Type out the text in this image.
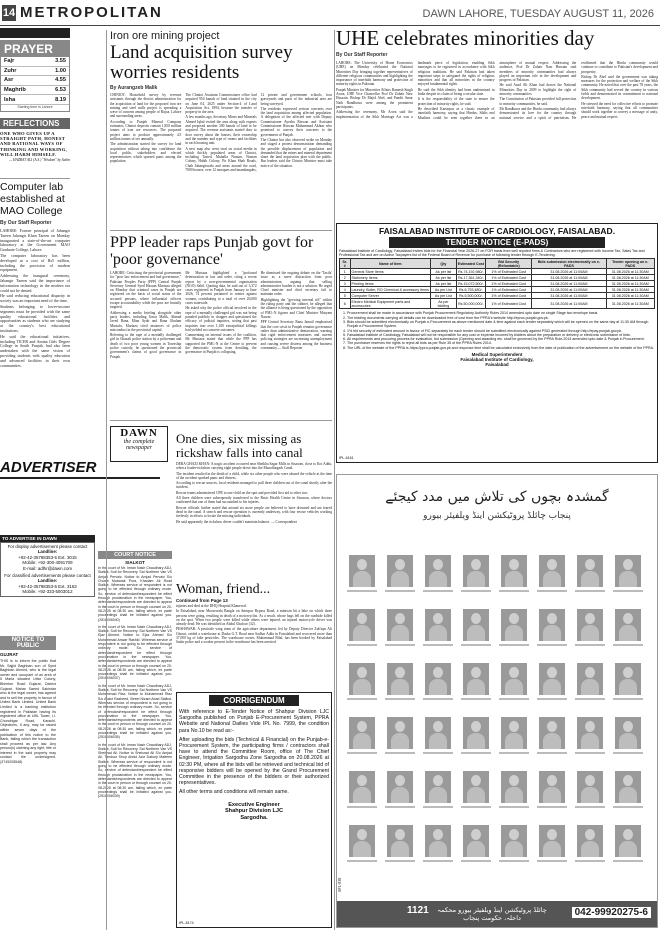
14 METROPOLITAN	DAWN LAHORE, TUESDAY AUGUST 11, 2026
PRAYER
Fajr	3.55
Zuhr	1.00
Asr	4.55
Maghrib	6.53
Isha	8.19
Starting time in Lahore
REFLECTIONS
ONE WHO GIVES UP A STRAIGHT PATH, HONEST AND RATIONAL WAYS OF THINKING AND WORKING, WILL HARM HIMSELF.
— HAZRAT ALI (A.S.) "Wisdom" by Salim
Computer lab established at MAO College
By Our Staff Reporter

LAHORE: Former principal of Jahangir Tareen Jahangir Khan Tareen on Monday inaugurated a state-of-the-art computer laboratory at the Government MAO Graduate College, Lahore.

The computer laboratory has been developed at a cost of Rs5 million, including the provision of modern equipment.

Addressing the inaugural ceremony, Jahangir Tareen said the importance of information technology in the modern era could not be denied.

He said reducing educational disparity in society was an important need of the time.

Students belonging to lower-income segments must be provided with the same quality educational facilities and opportunities as students who are studying at the country's best educational institutions.

He said the educational initiatives, including TICER and Amina Girls Degree College in South Punjab, had also been undertaken with the same vision of providing students with quality education and advanced facilities in their own communities.

Iron ore mining project
Land acquisition survey worries residents
By Aurangzeb Malik

CHINIOT: Household survey by revenue assistants through the district administration for the acquisition of land for the proposed iron ore mining and steel mills project is spreading a wave of concern among people of Rajoa, Lahore and surrounding areas.

According to Punjab Mineral Company estimates, Chiniot deposits contain 1,850 million tonnes of iron ore resources. The proposed project aims to produce approximately 4.5 million tonnes of ore annually.

The administration started the survey for land acquisition without taking into confidence the local public, stakeholders and elected representatives which spurred panic among the population.

The Chiniot Assistant Commissioner office had acquired 954 kanals of land situated in the city on June 04, 2025 under Section-4 of Land Acquisition Act, 1894, because the transfer of property in the area.

A few months ago, Secretary Mines and Minerals Ahmed Iqbal visited the area along with experts and proposed another 300 kanals of land to be acquired. The revenue assistants started door to door survey about the houses, their ownership and the number and type of rooms and facilities in each housing unit.

A new map also went viral on social media in which thickly populated areas of Chiniot, including Tasted, Muhalla Noman, Noman Colony, Habib Colony, Pir Khan Shah Roads, Chah Jahangirwala and areas around the road, 7000 houses; over 12 mosques and imambargahs, 12 private and government schools, four graveyards and parts of the industrial area are being surveyed.

The residents expressed serious concerns over the land acquisition among affected population. A delegation of the affected met with Deputy Commissioner Ayesha Rizwan and Assistant Commissioner Rizwan Muhammad Akhtar who promised to convey their concerns to the government of Punjab.

The Chiniot bar also observed strike on Monday and staged a protest demonstration demanding the possible displacement of population and demanded that the mines and mineral department share the land acquisition plan with the public. Bar leaders said the Chiniot Minister must take notice of the situation.

UHE celebrates minorities day
By Our Staff Reporter

LAHORE: The University of Home Economics (UHE) on Monday celebrated the National Minorities Day bringing together representatives of different religious communities and highlighting the importance of interfaith harmony and protection of minority rights in Pakistan.

Punjab Minister for Minorities Affairs Ramesh Singh Arora, UHE Vice Chancellor Prof Dr Zubair Nasr Hussain, Bishop Dr Majid Abel, and Pandit Amar Nath Randhawa were among the prominent participants.

Addressing the ceremony, Mr Arora said the implementation of the Sikh Marriage Act was a landmark piece of legislation, enabling Sikh marriages to be registered in accordance with Sikh religious traditions. He said Pakistan had taken important steps to safeguard the rights of religious minorities and that all minorities in the country enjoyed fundamental rights.

He said the Sikh identity had been undermined in India despite its claim of being a secular state.

It is the responsibility of the state to ensure the protection of minority rights, he said.

He described Kartarpur as a classic example of interfaith harmony, saying that Hindus, Sikhs and Muslims could be seen together there in an atmosphere of mutual respect. Addressing the audience, Prof Dr Zubair Nasr Hussain said members of minority communities had always played an important role in the development and progress of Pakistan.

He said Azad Ali Khan had drawn the National Minorities Day in 2009 to highlight the right of minority communities.

The Constitution of Pakistan provided full protection to minority communities, he said.

Mr Randhawa and the Hindu community had always demonstrated its love for the country through national service and a spirit of patriotism. He reaffirmed that the Hindu community would continue to contribute to Pakistan's development and prosperity.

Bishop Dr Abel said the government was taking measures for the protection and welfare of the Sikh community. He noted that over the past 78 years, the Sikh community had served the country in various fields and demonstrated its commitment to national development.

He stressed the need for collective efforts to promote interfaith harmony, saying that all communities should work together to convey a message of unity, peace and mutual respect.

FAISALABAD INSTITUTE OF CARDIOLOGY, FAISALABAD.
TENDER NOTICE (E-PADS)
Faisalabad Institute of Cardiology, Faisalabad invites bids for the Financial Year 2026-27 on FOR basis from well reputed firms & Contractors who are registered with Income Tax, Sales Tax and Professional Tax and are on Active Taxpayers list of the Federal Board of Revenue for purchase of following tender through E-Tendering.
Sr. #	Name of Item	Qty	Estimated Cost	Bid Security (Refundable)	Bids submission electronically on e-PADS	Tender opening on e-PADS
1	General Store Items	As per list	Rs.74,192,980/-	1% of Estimated Cost	31.08.2026 at 11:00AM	31.08.2026 at 11:30AM
2	Stationery Items	As per list	Rs.17,361,340/-	1% of Estimated Cost	31.08.2026 at 11:00AM	31.08.2026 at 11:30AM
3	Printing Items	As per list	Rs.15,072,500/-	1% of Estimated Cost	31.08.2026 at 11:00AM	31.08.2026 at 11:30AM
4	Laundry, Boiler, RO Chemical & accessory Items	As per List	Rs.6,753,480/-	1% of Estimated Cost	31.08.2026 at 11:00AM	31.08.2026 at 11:30AM
5	Computer Server	As per List	Rs.5,500,000/-	1% of Estimated Cost	31.08.2026 at 11:00AM	31.08.2026 at 11:30AM
6	Electro Medical Equipment parts and accessories	As per bidding	Rs.50,000,000/-	1% of Estimated Cost	31.08.2026 at 11:00AM	31.08.2026 at 11:30AM
1. Procurement shall be made in accordance with Punjab Procurement Regulatory Authority Rules 2014 amended upto date on single Stage two envelope basis.
2. The bidding documents carrying all details can be downloaded free of cost from the PPRA's website http://eproc.punjab.gov.pk.
3. Bids should be submitted electronically on Punjab e-Procurement as above mentioned date & time against each tender separately which will be opened on the same day at 11:30 AM through Punjab e-Procurement System.
4. 1% bid security of estimated amount in favour of FIC separately for each tender should be submitted electronically against PSID generated through http://epay.punjab.gov.pk.
5. Faisalabad Institute of Cardiology, Faisalabad will not be responsible for any cost or expense incurred by bidders about the preparation or delivery or electronic submission of bids.
6. All requirements and procuring process for evaluation, bid submission (Opening and awarding etc. shall be governed by the PPRA Rule-2014 amended upto date & Punjab e-Procurement.
7. The purchaser reserves the rights to reject all bids as per Rule 35 of the PPRA Rules 2014.
8. The URL of the website of the PPRA is https://ppra.punjab.gov.pk and response time shall be calculated exclusively from the date of publication of the advertisement on the website of the PPRA.
Medical Superintendent
Faisalabad Institute of Cardiology,
Faisalabad
IPL-6161
PPP leader raps Punjab govt for 'poor governance'

LAHORE: Criticising the provincial government for "poor law enforcement and bad governance," Pakistan Peoples Party (PPP) Central Punjab Secretary General Syed Hassan Murtaza alleged on Monday that criminal cases in Punjab are registered on the basis of social status of the accused persons, where influential officers escape accountability while the poor are brutally targeted.

Addressing a media briefing alongside other party leaders, including Umar Malik, Ahmad Javed Rana, Mian Ayub and Rana Ghulam Mustafa, Murtaza cited instances of police misconduct in the provincial capital.

Referring to the rape of a mentally challenged girl in Ghazali police station by a policeman and death of two poor young women in Township police custody, he questioned the provincial government's claims of good governance in Punjab.

Mr Murtaza highlighted a "profound deterioration in law and order, citing a recent report by a non-governmental organisation (NGO) Sahil. Quoting data, he said out of 3,372 cases registered in Punjab from January to June 2026, 74 percent pertained to crimes against women, contributing to a total of over 20,000 cases statewide.

He asked why the police official involved in the rape of a mentally challenged girl was not being paraded publicly in chapper and questioned the efficacy of judicial inquiries, noting that past inquiries into over 1,100 extrajudicial killings had yielded no concrete outcomes.

Commenting on internal issues of the coalition, Mr Murtaza stated that while the PPP has supported the PML-N at the Centre to prevent the democratic system from derailing, the governance in Punjab is collapsing.

He dismissed the ongoing debate on the 'Taxila' issue as a mere distraction from poor administration, arguing that selling administrative burden is not a solution. He urged Chief minister and chief secretary fail to maintain order.

Highlighting the "growing internal rift" within the ruling party and the cabinet, he alleged that the alliance is being questioned by the opposition of PML-N figures and Chief Minister Maryam Nawaz.

PPP Central Secretary Rana Jamail emphasised that the core crisis in Punjab remains governance rather than administrative demarcation, warning that rigid enforcement measures and current policing strategies are increasing unemployment and causing severe distress among the business community.— Staff Reporter

DAWN
the complete
newspaper
ADVERTISER
TO ADVERTISE IN DAWN
For display advertisement please contact
Landline:
+92-42-35788353-5 Ext. 3015
Mobile: +92-300-4091709
E-mail: adlhr@dawn.com
For classified advertisements please contact
Landline:
+92-42-35788353-5 Ext. 3163
Mobile: +92-333-5003012
NOTICE TO PUBLIC
GUJRAT
THIS is to inform the public that Mr. Sajjid Baghban son of Syed Baghban Ahmed, who is the legal owner and occupant of an area of 5 Marla situated Uttar Colony, Bhimber Road Gujarat, District Gujarat. Mahar Saeed Sakindar who is the legal owner, has agreed and to sell the property in favour of United Bank Limited. United Bank Limited is a banking institution registered in Pakistan having its registered office at UBL Tower, I.I. Chundrigar Road, Karachi. Objections, if any, may be raised within seven days of the publication of this notice to the Bank, failing which the transaction shall proceed as per law. Any person(s) claiming any right, title or interest in the said property may contact the undersigned. (3745205548)
COURT NOTICE
SIALKOT

In the court of Mr. Imran Nasir Chaudhary ADJ, Sialkot, Suit for Recovery. Sai Northern Van VS Amjad Pervaiz. Notice to Amjad Pervaiz S/o Chowk Mubarak Pura, Khadam Ali Road Sialkot. Whereas service of respondent is not going to be effected through ordinary mode. So, service of defendant/respondent be effect through proclamation in the newspaper. You, defendants/respondents are directed to appear in the court in person or through counsel on 20-08-2026 at 08:30 am, failing which, ex parte proceedings shall be initiated against you. (2516006040)

In the court of Mr. Imran Nasir Chaudhary ADJ, Sialkot, Suit for Recovery. Sai Northern Van VS Ejaz Ahmed. Notice to Ejaz Ahmed S/o Muhammad Anwar Rashid. Whereas service of respondent is not going to be effected through ordinary mode. So, service of defendant/respondent be effect through proclamation in the newspaper. You, defendants/respondents are directed to appear in the court in person or through counsel on 20-08-2026 at 08:30 am, failing which, ex parte proceedings shall be initiated against you. (2516006037)

In the court of Mr. Imran Nasir Chaudhary ADJ, Sialkot, Suit for Recovery. Sai Northern Van VS Muhammad Riaz. Notice to Muhammad Riaz S/o Abdul Rasheed, Street Nizam Abad Sialkot. Whereas service of respondent is not going to be effected through ordinary mode. So, service of defendant/respondent be effect through proclamation in the newspaper. You, defendants/respondents are directed to appear in the court in person or through counsel on 20-08-2026 at 08:30 am, failing which, ex parte proceedings shall be initiated against you. (2516006035)

In the court of Mr. Imran Nasir Chaudhary ADJ, Sialkot, Suit for Recovery. Sai Northern Van VS Shehzad Ali. Notice to Shehzad Ali S/o Amjad Ali, Tandoor Shop Abdul Aziz Daburji Matteen Sialkot. Whereas service of respondent is not going to be effected through ordinary mode. So, service of defendant/respondent be effect through proclamation in the newspaper. You, defendants/respondents are directed to appear in the court in person or through counsel on 20-08-2026 at 08:30 am, failing which, ex parte proceedings shall be initiated against you. (2516006039)

One dies, six missing as rickshaw falls into canal

DERA GHAZI KHAN: A tragic accident occurred near Sheikha Sagar Mills in Sisawan, close to Kot Addu, when a loader-rickshaw carrying eight people drove into the Muzaffargarh Canal.

The incident resulted in the death of a child, while six other people who were aboard the vehicle at the time of the accident sparked panic and distress.

According to rescue sources, local residents managed to pull three children out of the canal shortly after the incident.

Rescue teams administered CPR to one child on the spot and provided first aid to other two.

All three children were subsequently transferred to the Basic Health Centre in Sisawan, where doctors confirmed that one of them had succumbed to his injuries.

Rescue officials further stated that around six more people are believed to have drowned and are feared dead in the canal. A search and rescue operation is currently underway, with four rescue vehicles working tirelessly in efforts to locate the missing individuals.

He said apparently the rickshaw driver couldn't maintain balance. — Correspondent

Woman, friend...
Continued from Page 13

injuries and died at the DHQ Hospital Khanewal.

In Faisalabad, near Moosewala Bangla on Amirpur Bypass Road, a minivan hit a bike on which three persons were going, resulting in death of a motorcyclist. As a result, whose bags fell on the roadside killed on the spot. When two people were killed while others were injured, an injured motorcycle driver was already dead. He was identified as Abdul Ghafoor (32).

PESHAWAR: A pesticide wing team of the agriculture department, led by Deputy Director Zulfiqar Ali Ghouri, raided a warehouse at Daska G.T. Road near Sadhar Adda in Faisalabad and recovered more than 37,000 kg of fake pesticides. The warehouse owner, Muhammad Bilal, has been booked by Faisalabad Sadar police and a worker present in the warehouse has been arrested.

CORRIGENDUM
With reference to E-Tender Notice of Shahpur Division LJC Sargodha published on Punjab E-Procurement System, PPRA Website and National Dailies Vide IPL No. 7999, the condition para No.10 be read as:-
After uploading the bids (Technical & Financial) on the Punjab-e-Procurement System, the participating firms / contractors shall have to attend the Committee Room, office of The Chief Engineer, Irrigation Sargodha Zone Sargodha on 20.08.2026 at 02:30 PM, where all the bids will be retrieved and technical bid of responsive bidders will be opened by the Grand Procurement Committee in the presence of the bidders or their authorized representatives.
All other terms and conditions will remain same.
Executive Engineer
Shahpur Division LJC
Sargodha.
IPL-8174
گمشدہ بچوں کی تلاش میں مدد کیجئے
پنجاب چائلڈ پروٹیکشن اینڈ ویلفیئر بیورو
1121 چائلڈ پروٹیکشن اینڈ ویلفیئر بیورو محکمہ داخلہ، حکومت پنجاب	042-99920275-6
SPL-838
